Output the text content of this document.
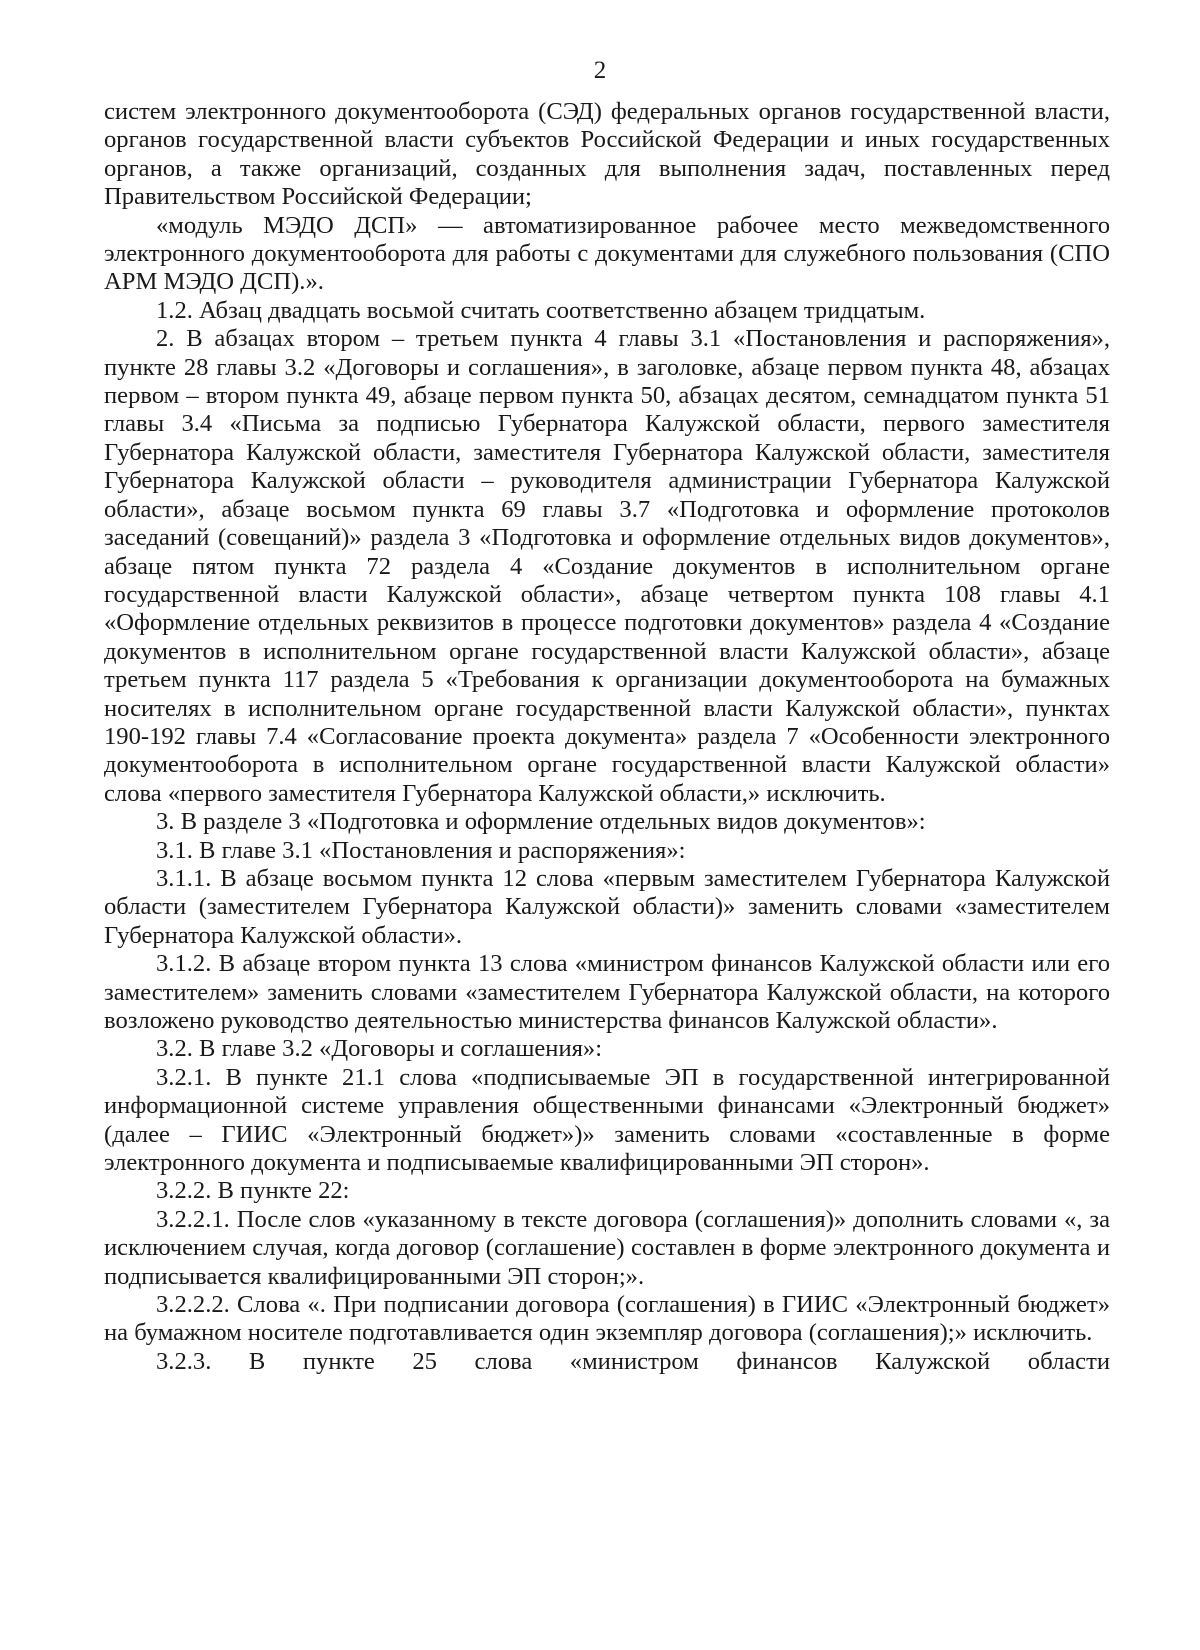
2

систем электронного документооборота (СЭД) федеральных органов государственной власти, органов государственной власти субъектов Российской Федерации и иных государственных органов, а также организаций, созданных для выполнения задач, поставленных перед Правительством Российской Федерации;

«модуль МЭДО ДСП» — автоматизированное рабочее место межведомственного электронного документооборота для работы с документами для служебного пользования (СПО АРМ МЭДО ДСП).».

1.2. Абзац двадцать восьмой считать соответственно абзацем тридцатым.

2. В абзацах втором – третьем пункта 4 главы 3.1 «Постановления и распоряжения», пункте 28 главы 3.2 «Договоры и соглашения», в заголовке, абзаце первом пункта 48, абзацах первом – втором пункта 49, абзаце первом пункта 50, абзацах десятом, семнадцатом пункта 51 главы 3.4 «Письма за подписью Губернатора Калужской области, первого заместителя Губернатора Калужской области, заместителя Губернатора Калужской области, заместителя Губернатора Калужской области – руководителя администрации Губернатора Калужской области», абзаце восьмом пункта 69 главы 3.7 «Подготовка и оформление протоколов заседаний (совещаний)» раздела 3 «Подготовка и оформление отдельных видов документов», абзаце пятом пункта 72 раздела 4 «Создание документов в исполнительном органе государственной власти Калужской области», абзаце четвертом пункта 108 главы 4.1 «Оформление отдельных реквизитов в процессе подготовки документов» раздела 4 «Создание документов в исполнительном органе государственной власти Калужской области», абзаце третьем пункта 117 раздела 5 «Требования к организации документооборота на бумажных носителях в исполнительном органе государственной власти Калужской области», пунктах 190-192 главы 7.4 «Согласование проекта документа» раздела 7 «Особенности электронного документооборота в исполнительном органе государственной власти Калужской области» слова «первого заместителя Губернатора Калужской области,» исключить.

3. В разделе 3 «Подготовка и оформление отдельных видов документов»:

3.1. В главе 3.1 «Постановления и распоряжения»:

3.1.1. В абзаце восьмом пункта 12 слова «первым заместителем Губернатора Калужской области (заместителем Губернатора Калужской области)» заменить словами «заместителем Губернатора Калужской области».

3.1.2. В абзаце втором пункта 13 слова «министром финансов Калужской области или его заместителем» заменить словами «заместителем Губернатора Калужской области, на которого возложено руководство деятельностью министерства финансов Калужской области».

3.2. В главе 3.2 «Договоры и соглашения»:

3.2.1. В пункте 21.1 слова «подписываемые ЭП в государственной интегрированной информационной системе управления общественными финансами «Электронный бюджет» (далее – ГИИС «Электронный бюджет»)» заменить словами «составленные в форме электронного документа и подписываемые квалифицированными ЭП сторон».

3.2.2. В пункте 22:

3.2.2.1. После слов «указанному в тексте договора (соглашения)» дополнить словами «, за исключением случая, когда договор (соглашение) составлен в форме электронного документа и подписывается квалифицированными ЭП сторон;».

3.2.2.2. Слова «. При подписании договора (соглашения) в ГИИС «Электронный бюджет» на бумажном носителе подготавливается один экземпляр договора (соглашения);» исключить.

3.2.3. В пункте 25 слова «министром финансов Калужской области
